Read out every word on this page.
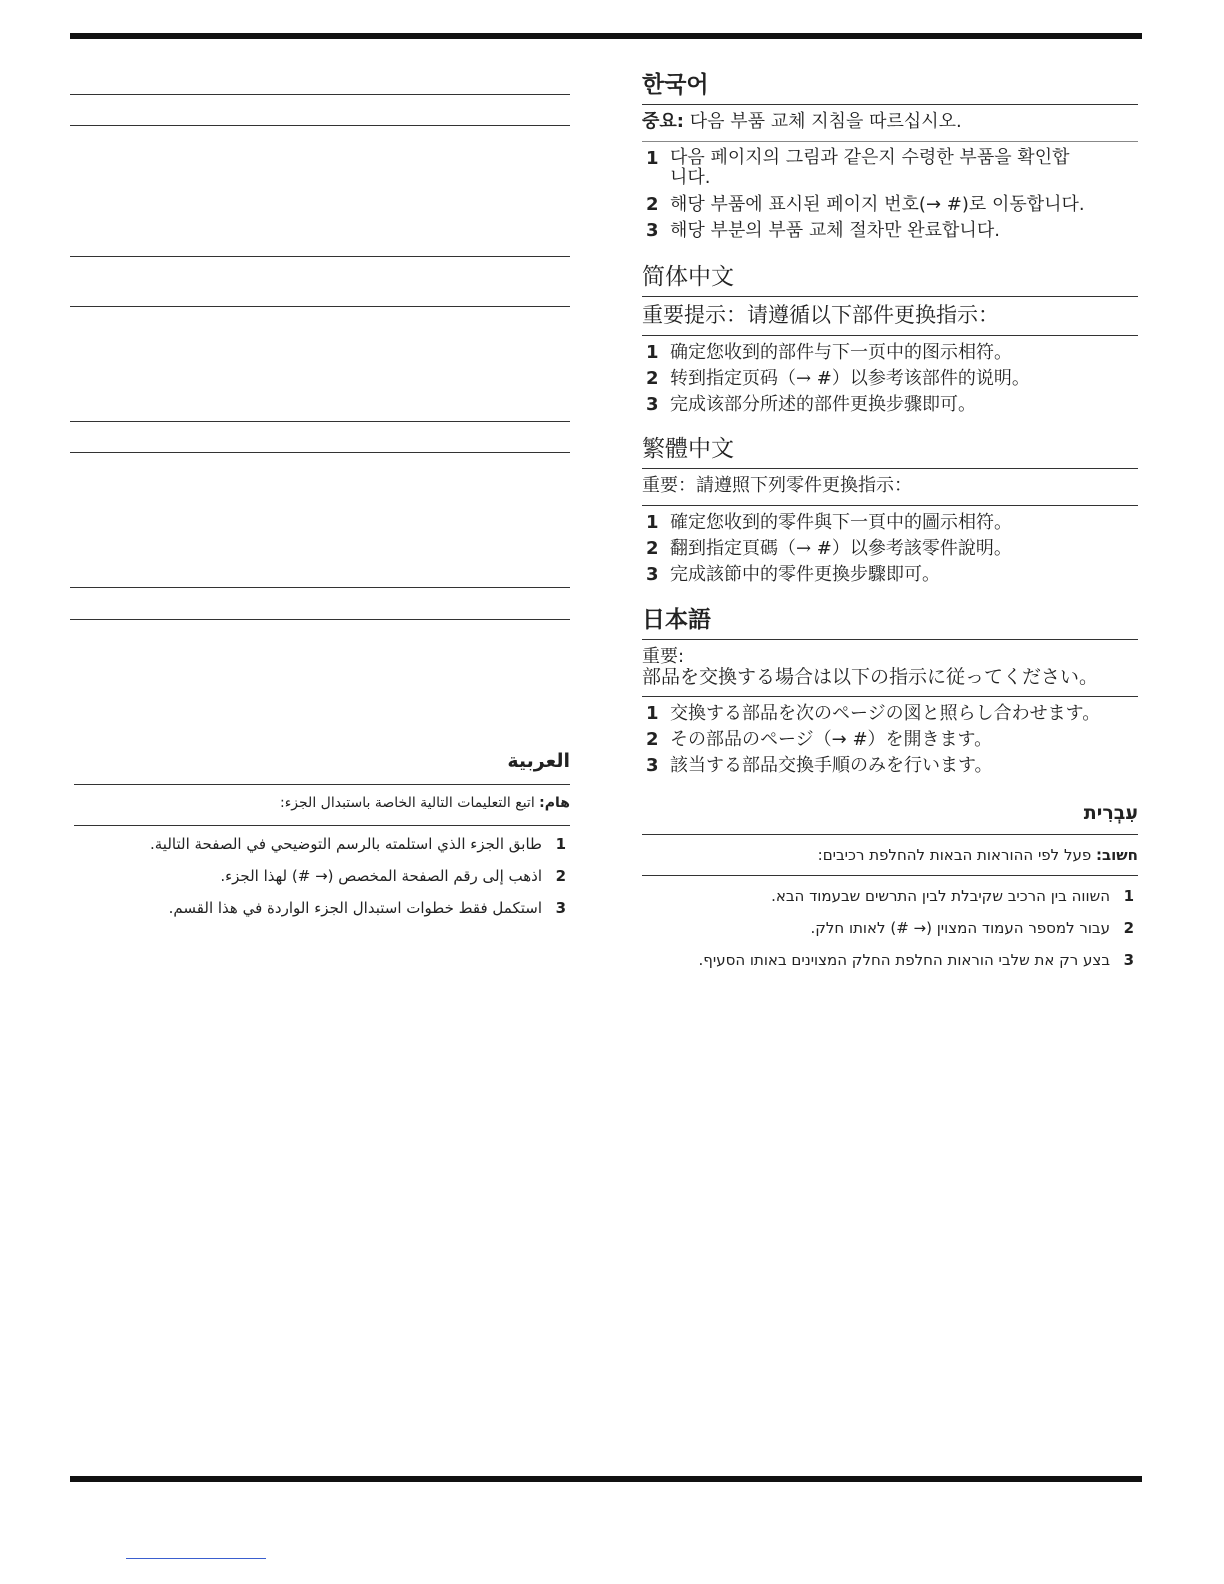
العربية
هام: اتبع التعليمات التالية الخاصة باستبدال الجزء:
1
طابق الجزء الذي استلمته بالرسم التوضيحي في الصفحة التالية.
2
اذهب إلى رقم الصفحة المخصص (→ #) لهذا الجزء.
3
استكمل فقط خطوات استبدال الجزء الواردة في هذا القسم.
한국어
중요: 다음 부품 교체 지침을 따르십시오.
1 다음 페이지의 그림과 같은지 수령한 부품을 확인합니다.
2 해당 부품에 표시된 페이지 번호(→ #)로 이동합니다.
3 해당 부분의 부품 교체 절차만 완료합니다.
简体中文
重要提示：请遵循以下部件更换指示：
1 确定您收到的部件与下一页中的图示相符。
2 转到指定页码（→ #）以参考该部件的说明。
3 完成该部分所述的部件更换步骤即可。
繁體中文
重要：請遵照下列零件更換指示：
1 確定您收到的零件與下一頁中的圖示相符。
2 翻到指定頁碼（→ #）以參考該零件說明。
3 完成該節中的零件更換步驟即可。
日本語
重要:
部品を交換する場合は以下の指示に従ってください。
1 交換する部品を次のページの図と照らし合わせます。
2 その部品のページ（→ #）を開きます。
3 該当する部品交換手順のみを行います。
עִבְרִית
חשוב: פעל לפי ההוראות הבאות להחלפת רכיבים:
1
השווה בין הרכיב שקיבלת לבין התרשים שבעמוד הבא.
2
עבור למספר העמוד המצוין (→ #) לאותו חלק.
3
בצע רק את שלבי הוראות החלפת החלק המצוינים באותו הסעיף.
